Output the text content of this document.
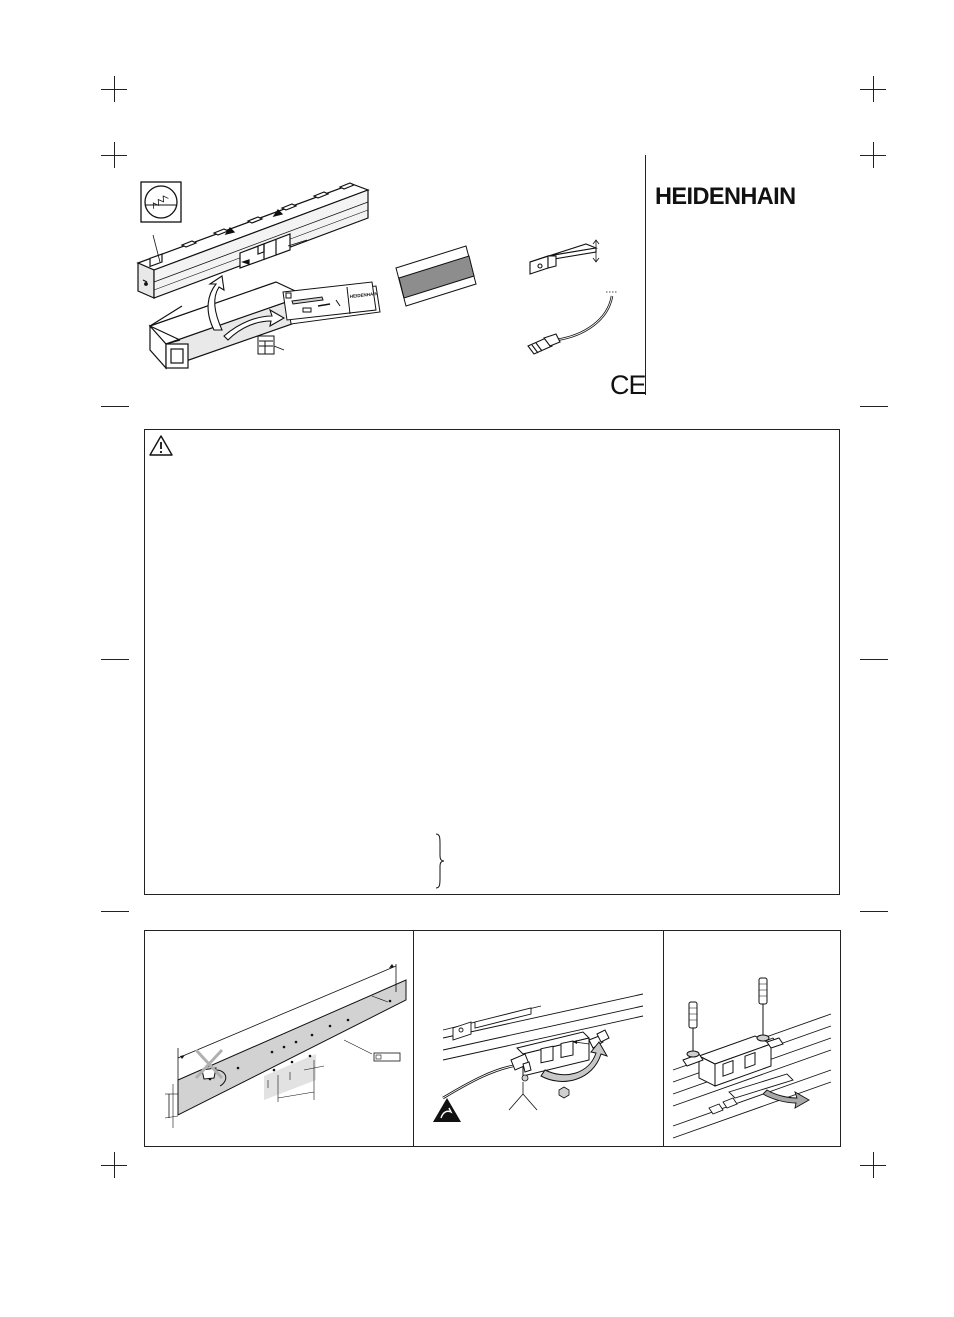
HEIDENHAIN
HEIDENHAIN
CE
